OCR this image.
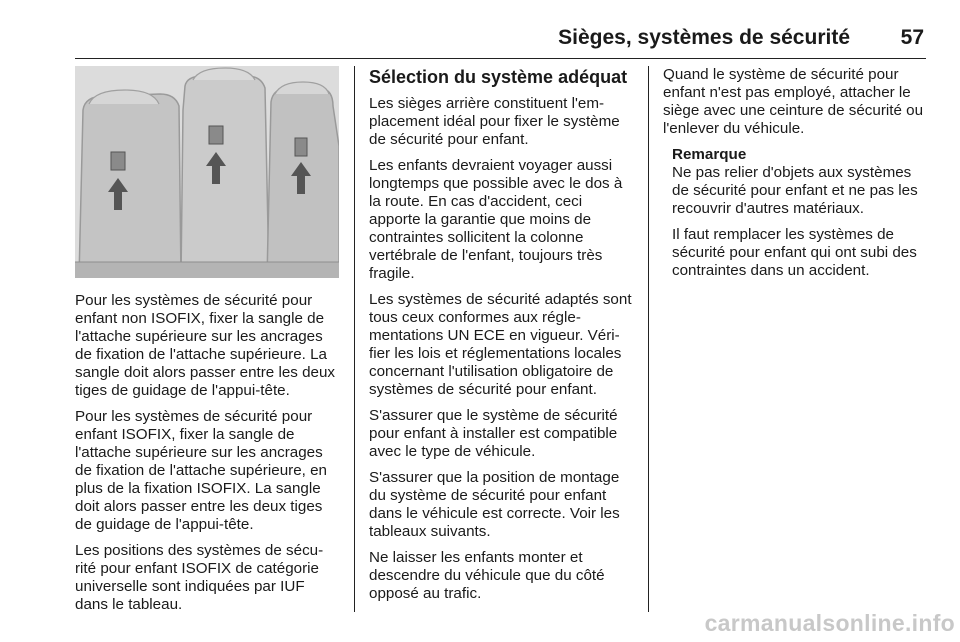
Sièges, systèmes de sécurité	57

Pour les systèmes de sécurité pour enfant non ISOFIX, fixer la sangle de l'attache supérieure sur les ancrages de fixation de l'attache supérieure. La sangle doit alors passer entre les deux tiges de guidage de l'appui-tête.

Pour les systèmes de sécurité pour enfant ISOFIX, fixer la sangle de l'attache supérieure sur les ancrages de fixation de l'attache supérieure, en plus de la fixation ISOFIX. La sangle doit alors passer entre les deux tiges de guidage de l'appui-tête.

Les positions des systèmes de sécu-rité pour enfant ISOFIX de catégorie universelle sont indiquées par IUF dans le tableau.

Sélection du système adéquat

Les sièges arrière constituent l'em-placement idéal pour fixer le système de sécurité pour enfant.

Les enfants devraient voyager aussi longtemps que possible avec le dos à la route. En cas d'accident, ceci apporte la garantie que moins de contraintes sollicitent la colonne vertébrale de l'enfant, toujours très fragile.

Les systèmes de sécurité adaptés sont tous ceux conformes aux régle-mentations UN ECE en vigueur. Véri-fier les lois et réglementations locales concernant l'utilisation obligatoire de systèmes de sécurité pour enfant.

S'assurer que le système de sécurité pour enfant à installer est compatible avec le type de véhicule.

S'assurer que la position de montage du système de sécurité pour enfant dans le véhicule est correcte. Voir les tableaux suivants.

Ne laisser les enfants monter et descendre du véhicule que du côté opposé au trafic.

Quand le système de sécurité pour enfant n'est pas employé, attacher le siège avec une ceinture de sécurité ou l'enlever du véhicule.

Remarque

Ne pas relier d'objets aux systèmes de sécurité pour enfant et ne pas les recouvrir d'autres matériaux.

Il faut remplacer les systèmes de sécurité pour enfant qui ont subi des contraintes dans un accident.

carmanualsonline.info
